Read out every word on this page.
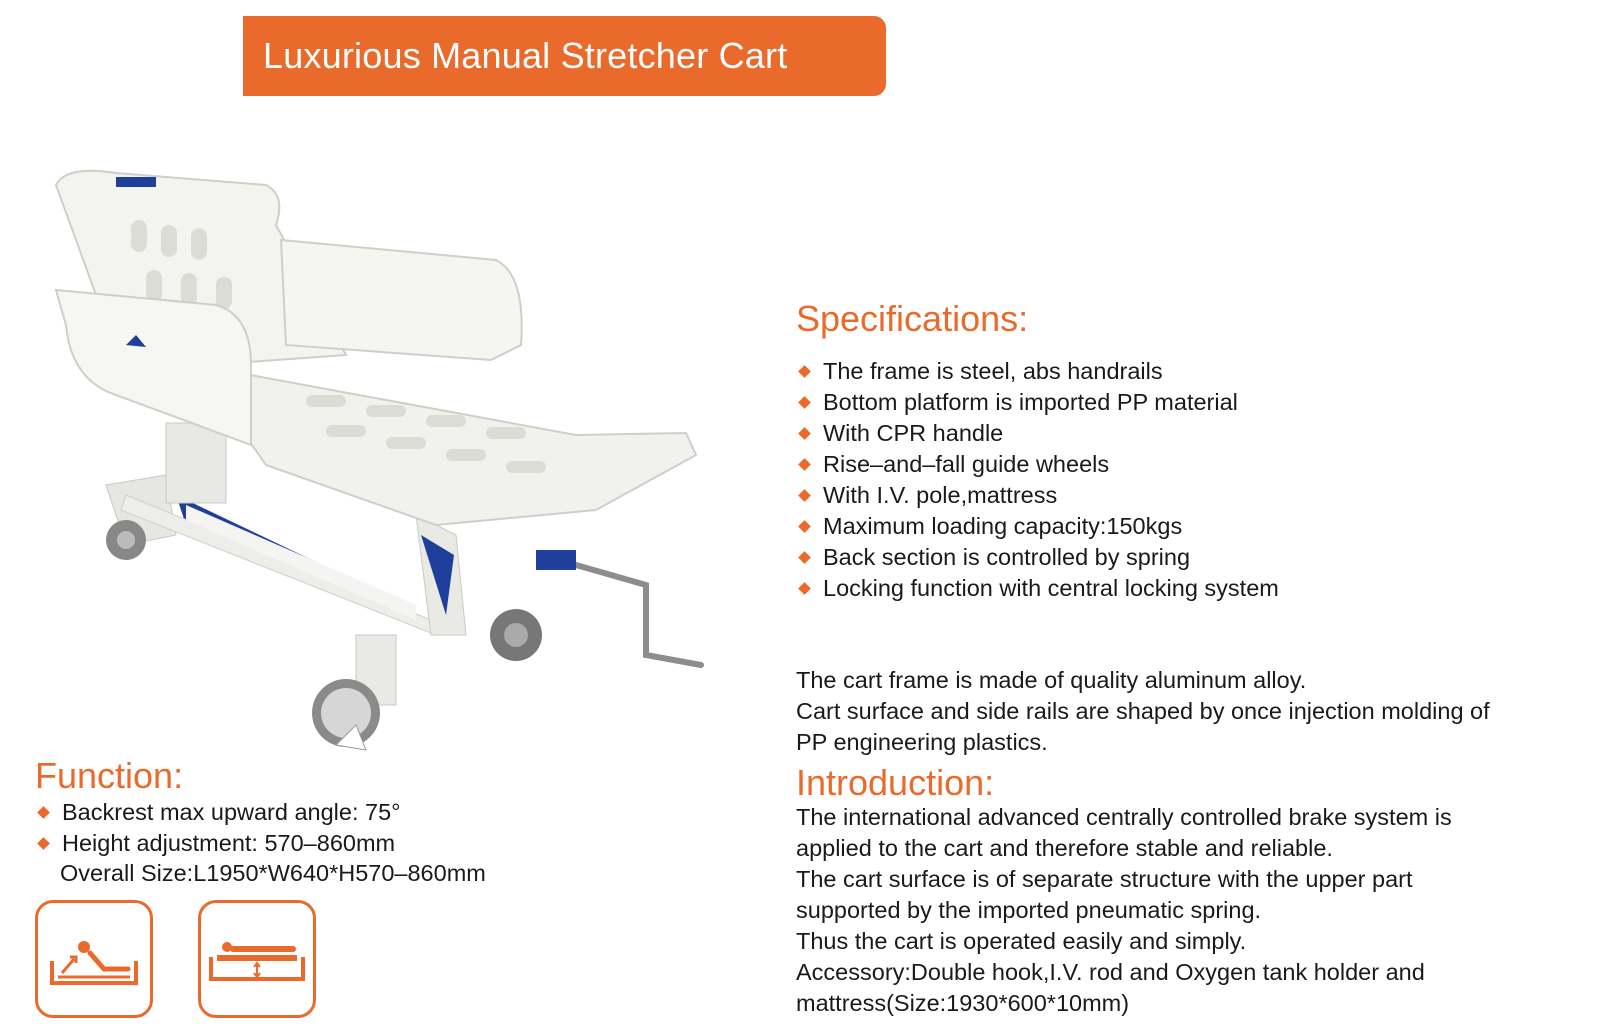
Luxurious Manual Stretcher Cart
Specifications:
The frame is steel, abs handrails
Bottom platform is imported PP material
With CPR handle
Rise–and–fall guide wheels
With I.V. pole,mattress
Maximum loading capacity:150kgs
Back section is controlled by spring
Locking function with central locking system
The cart frame is made of quality aluminum alloy.
Cart surface and side rails are shaped by once injection molding of
PP engineering plastics.
Introduction:
The international advanced centrally controlled brake system is
applied to the cart and therefore stable and reliable.
The cart surface is of separate structure with the upper part
supported by the imported pneumatic spring.
Thus the cart is operated easily and simply.
Accessory:Double hook,I.V. rod and Oxygen tank holder and
mattress(Size:1930*600*10mm)
Function:
Backrest max upward angle: 75°
Height adjustment: 570–860mm
Overall Size:L1950*W640*H570–860mm
